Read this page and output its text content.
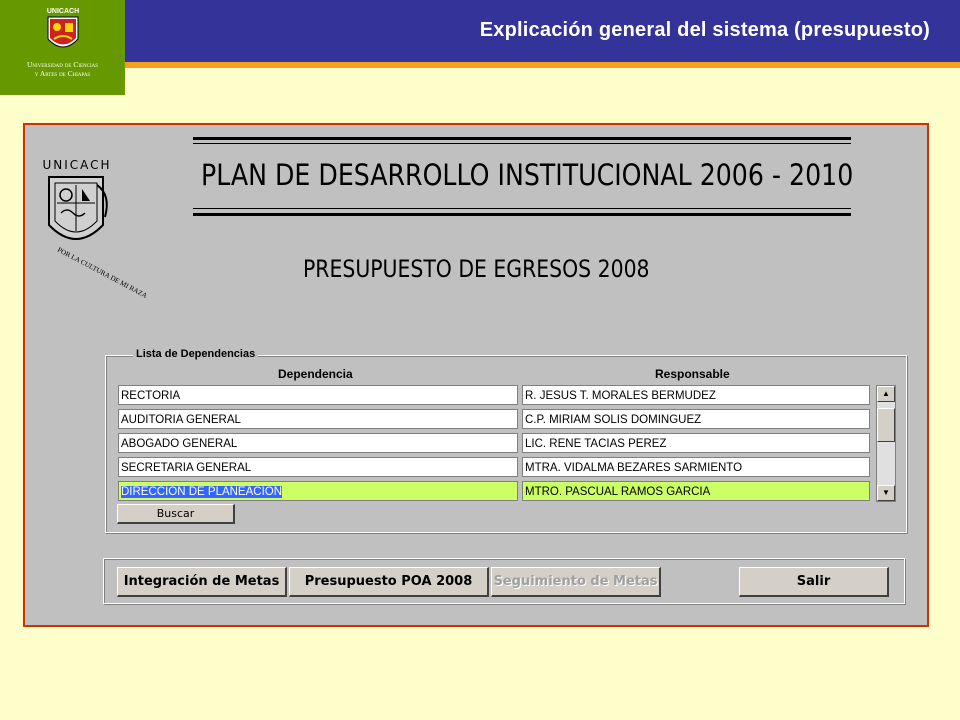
Explicación general del sistema (presupuesto)
UNICACH
Universidad de Ciencias
y Artes de Chiapas
UNICACH
POR LA CULTURA DE MI RAZA
PLAN DE DESARROLLO INSTITUCIONAL 2006 - 2010
PRESUPUESTO DE EGRESOS 2008
Lista de Dependencias
Dependencia	Responsable
RECTORIA	R. JESUS T. MORALES BERMUDEZ
AUDITORIA GENERAL	C.P. MIRIAM SOLIS DOMINGUEZ
ABOGADO GENERAL	LIC. RENE TACIAS PEREZ
SECRETARIA GENERAL	MTRA. VIDALMA BEZARES SARMIENTO
DIRECCION DE PLANEACION	MTRO. PASCUAL RAMOS GARCIA
▲
▼
Buscar
Integración de Metas	Presupuesto POA 2008	Seguimiento de Metas	Salir
